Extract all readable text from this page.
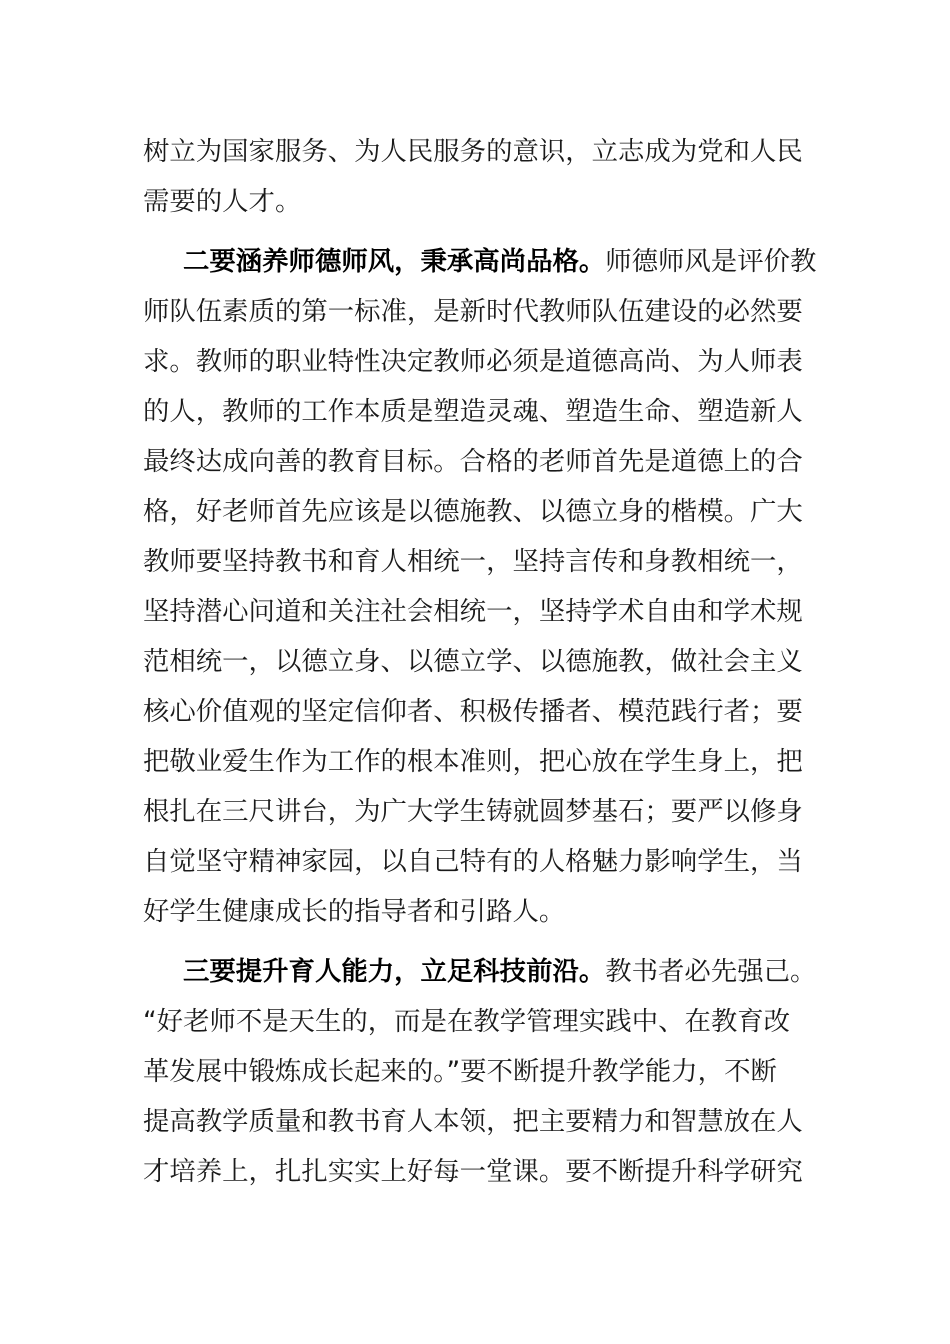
树立为国家服务、为人民服务的意识，立志成为党和人民
需要的人才。
二要涵养师德师风，秉承高尚品格。师德师风是评价教
师队伍素质的第一标准，是新时代教师队伍建设的必然要
求。教师的职业特性决定教师必须是道德高尚、为人师表
的人，教师的工作本质是塑造灵魂、塑造生命、塑造新人
最终达成向善的教育目标。合格的老师首先是道德上的合
格，好老师首先应该是以德施教、以德立身的楷模。广大
教师要坚持教书和育人相统一，坚持言传和身教相统一，
坚持潜心问道和关注社会相统一，坚持学术自由和学术规
范相统一，以德立身、以德立学、以德施教，做社会主义
核心价值观的坚定信仰者、积极传播者、模范践行者；要
把敬业爱生作为工作的根本准则，把心放在学生身上，把
根扎在三尺讲台，为广大学生铸就圆梦基石；要严以修身
自觉坚守精神家园，以自己特有的人格魅力影响学生，当
好学生健康成长的指导者和引路人。
三要提升育人能力，立足科技前沿。教书者必先强己。
“好老师不是天生的，而是在教学管理实践中、在教育改
革发展中锻炼成长起来的。”要不断提升教学能力，不断
提高教学质量和教书育人本领，把主要精力和智慧放在人
才培养上，扎扎实实上好每一堂课。要不断提升科学研究
